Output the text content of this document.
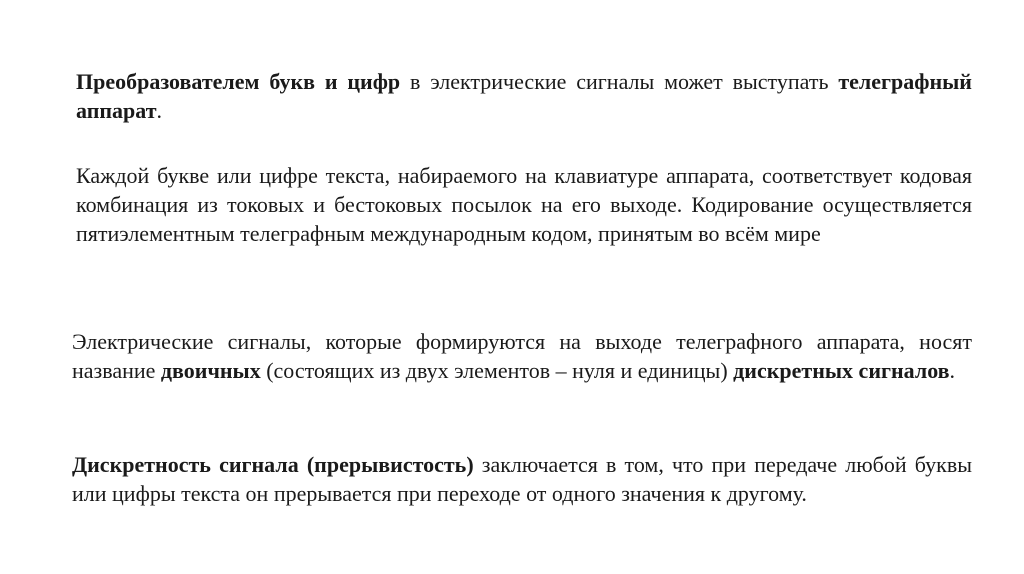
Преобразователем букв и цифр в электрические сигналы может выступать телеграфный аппарат.

Каждой букве или цифре текста, набираемого на клавиатуре аппарата, соответствует кодовая комбинация из токовых и бестоковых посылок на его выходе. Кодирование осуществляется пятиэлементным телеграфным международным кодом, принятым во всём мире

Электрические сигналы, которые формируются на выходе телеграфного аппарата, носят название двоичных (состоящих из двух элементов – нуля и единицы) дискретных сигналов.

Дискретность сигнала (прерывистость) заключается в том, что при передаче любой буквы или цифры текста он прерывается при переходе от одного значения к другому.
